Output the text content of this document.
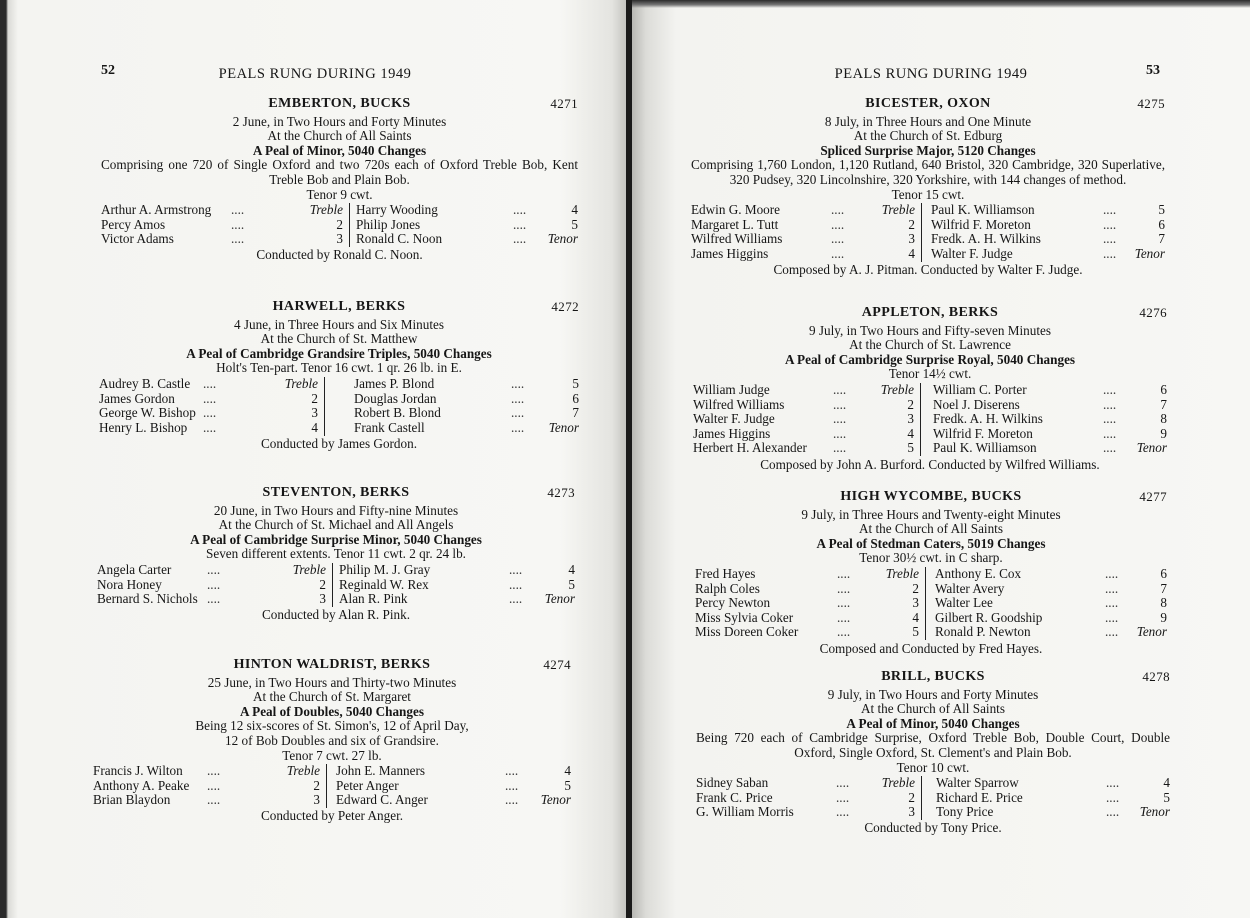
52	PEALS RUNG DURING 1949
EMBERTON, BUCKS	4271
2 June, in Two Hours and Forty Minutes
At the Church of All Saints
A Peal of Minor, 5040 Changes
Comprising one 720 of Single Oxford and two 720s each of Oxford Treble Bob, Kent Treble Bob and Plain Bob.
Tenor 9 cwt.
Arthur A. Armstrong ....	Treble Harry Wooding	....	4
Percy Amos	....	2 Philip Jones	....	5
Victor Adams	....	3 Ronald C. Noon	.... Tenor
Conducted by Ronald C. Noon.
HARWELL, BERKS	4272
4 June, in Three Hours and Six Minutes
At the Church of St. Matthew
A Peal of Cambridge Grandsire Triples, 5040 Changes
Holt's Ten-part. Tenor 16 cwt. 1 qr. 26 lb. in E.
Audrey B. Castle ....	Treble	James P. Blond	....	5
James Gordon ....	2	Douglas Jordan	....	6
George W. Bishop ....	3	Robert B. Blond	....	7
Henry L. Bishop ....	4	Frank Castell	.... Tenor
Conducted by James Gordon.
STEVENTON, BERKS	4273
20 June, in Two Hours and Fifty-nine Minutes
At the Church of St. Michael and All Angels
A Peal of Cambridge Surprise Minor, 5040 Changes
Seven different extents. Tenor 11 cwt. 2 qr. 24 lb.
Angela Carter	....	Treble Philip M. J. Gray	....	4
Nora Honey	....	2 Reginald W. Rex	....	5
Bernard S. Nichols ....	3 Alan R. Pink	.... Tenor
Conducted by Alan R. Pink.
HINTON WALDRIST, BERKS	4274
25 June, in Two Hours and Thirty-two Minutes
At the Church of St. Margaret
A Peal of Doubles, 5040 Changes
Being 12 six-scores of St. Simon's, 12 of April Day,
12 of Bob Doubles and six of Grandsire.
Tenor 7 cwt. 27 lb.
Francis J. Wilton ....	Treble John E. Manners	....	4
Anthony A. Peake ....	2 Peter Anger	....	5
Brian Blaydon	....	3 Edward C. Anger	.... Tenor
Conducted by Peter Anger.
PEALS RUNG DURING 1949	53
BICESTER, OXON	4275
8 July, in Three Hours and One Minute
At the Church of St. Edburg
Spliced Surprise Major, 5120 Changes
Comprising 1,760 London, 1,120 Rutland, 640 Bristol, 320 Cambridge, 320 Superlative, 320 Pudsey, 320 Lincolnshire, 320 Yorkshire, with 144 changes of method.
Tenor 15 cwt.
Edwin G. Moore	....	Treble Paul K. Williamson	....	5
Margaret L. Tutt	....	2 Wilfrid F. Moreton	....	6
Wilfred Williams	....	3 Fredk. A. H. Wilkins	....	7
James Higgins	....	4 Walter F. Judge	.... Tenor
Composed by A. J. Pitman. Conducted by Walter F. Judge.
APPLETON, BERKS	4276
9 July, in Two Hours and Fifty-seven Minutes
At the Church of St. Lawrence
A Peal of Cambridge Surprise Royal, 5040 Changes
Tenor 14½ cwt.
William Judge	....	Treble William C. Porter	....	6
Wilfred Williams	....	2 Noel J. Diserens	....	7
Walter F. Judge	....	3 Fredk. A. H. Wilkins	....	8
James Higgins	....	4 Wilfrid F. Moreton	....	9
Herbert H. Alexander ....	5 Paul K. Williamson	.... Tenor
Composed by John A. Burford. Conducted by Wilfred Williams.
HIGH WYCOMBE, BUCKS	4277
9 July, in Three Hours and Twenty-eight Minutes
At the Church of All Saints
A Peal of Stedman Caters, 5019 Changes
Tenor 30½ cwt. in C sharp.
Fred Hayes	....	Treble Anthony E. Cox	....	6
Ralph Coles	....	2 Walter Avery	....	7
Percy Newton	....	3 Walter Lee	....	8
Miss Sylvia Coker	....	4 Gilbert R. Goodship	....	9
Miss Doreen Coker	....	5 Ronald P. Newton	.... Tenor
Composed and Conducted by Fred Hayes.
BRILL, BUCKS	4278
9 July, in Two Hours and Forty Minutes
At the Church of All Saints
A Peal of Minor, 5040 Changes
Being 720 each of Cambridge Surprise, Oxford Treble Bob, Double Court, Double Oxford, Single Oxford, St. Clement's and Plain Bob.
Tenor 10 cwt.
Sidney Saban	....	Treble Walter Sparrow	....	4
Frank C. Price	....	2 Richard E. Price	....	5
G. William Morris	....	3 Tony Price	.... Tenor
Conducted by Tony Price.
